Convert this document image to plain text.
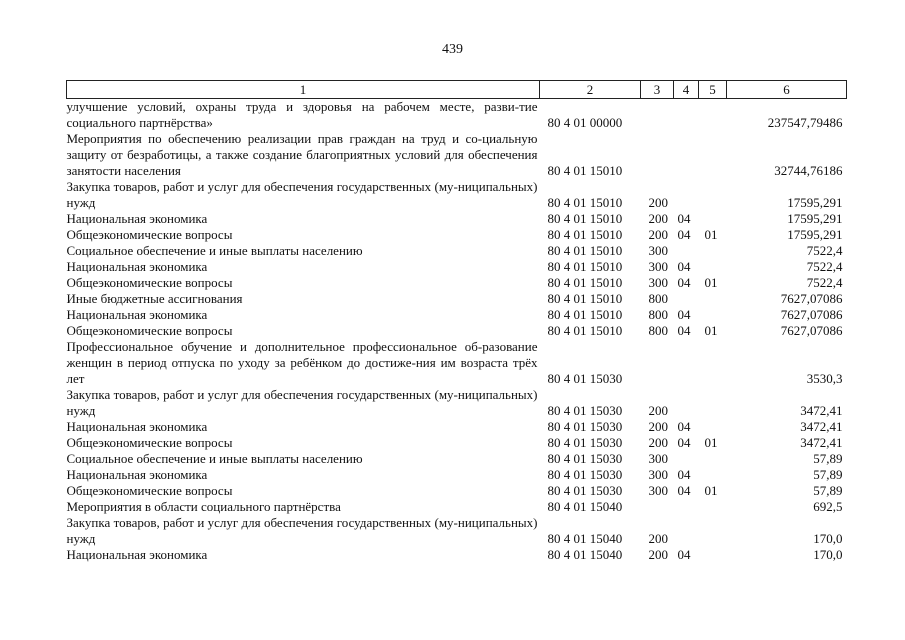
439
1	2	3	4	5	6
улучшение условий, охраны труда и здоровья на рабочем месте, разви-тие социального партнёрства»	80 4 01 00000				237547,79486
Мероприятия по обеспечению реализации прав граждан на труд и со-циальную защиту от безработицы, а также создание благоприятных условий для обеспечения занятости населения	80 4 01 15010				32744,76186
Закупка товаров, работ и услуг для обеспечения государственных (му-ниципальных) нужд	80 4 01 15010	200			17595,291
Национальная экономика	80 4 01 15010	200	04		17595,291
Общеэкономические вопросы	80 4 01 15010	200	04	01	17595,291
Социальное обеспечение и иные выплаты населению	80 4 01 15010	300			7522,4
Национальная экономика	80 4 01 15010	300	04		7522,4
Общеэкономические вопросы	80 4 01 15010	300	04	01	7522,4
Иные бюджетные ассигнования	80 4 01 15010	800			7627,07086
Национальная экономика	80 4 01 15010	800	04		7627,07086
Общеэкономические вопросы	80 4 01 15010	800	04	01	7627,07086
Профессиональное обучение и дополнительное профессиональное об-разование женщин в период отпуска по уходу за ребёнком до достиже-ния им возраста трёх лет	80 4 01 15030				3530,3
Закупка товаров, работ и услуг для обеспечения государственных (му-ниципальных) нужд	80 4 01 15030	200			3472,41
Национальная экономика	80 4 01 15030	200	04		3472,41
Общеэкономические вопросы	80 4 01 15030	200	04	01	3472,41
Социальное обеспечение и иные выплаты населению	80 4 01 15030	300			57,89
Национальная экономика	80 4 01 15030	300	04		57,89
Общеэкономические вопросы	80 4 01 15030	300	04	01	57,89
Мероприятия в области социального партнёрства	80 4 01 15040				692,5
Закупка товаров, работ и услуг для обеспечения государственных (му-ниципальных) нужд	80 4 01 15040	200			170,0
Национальная экономика	80 4 01 15040	200	04		170,0
